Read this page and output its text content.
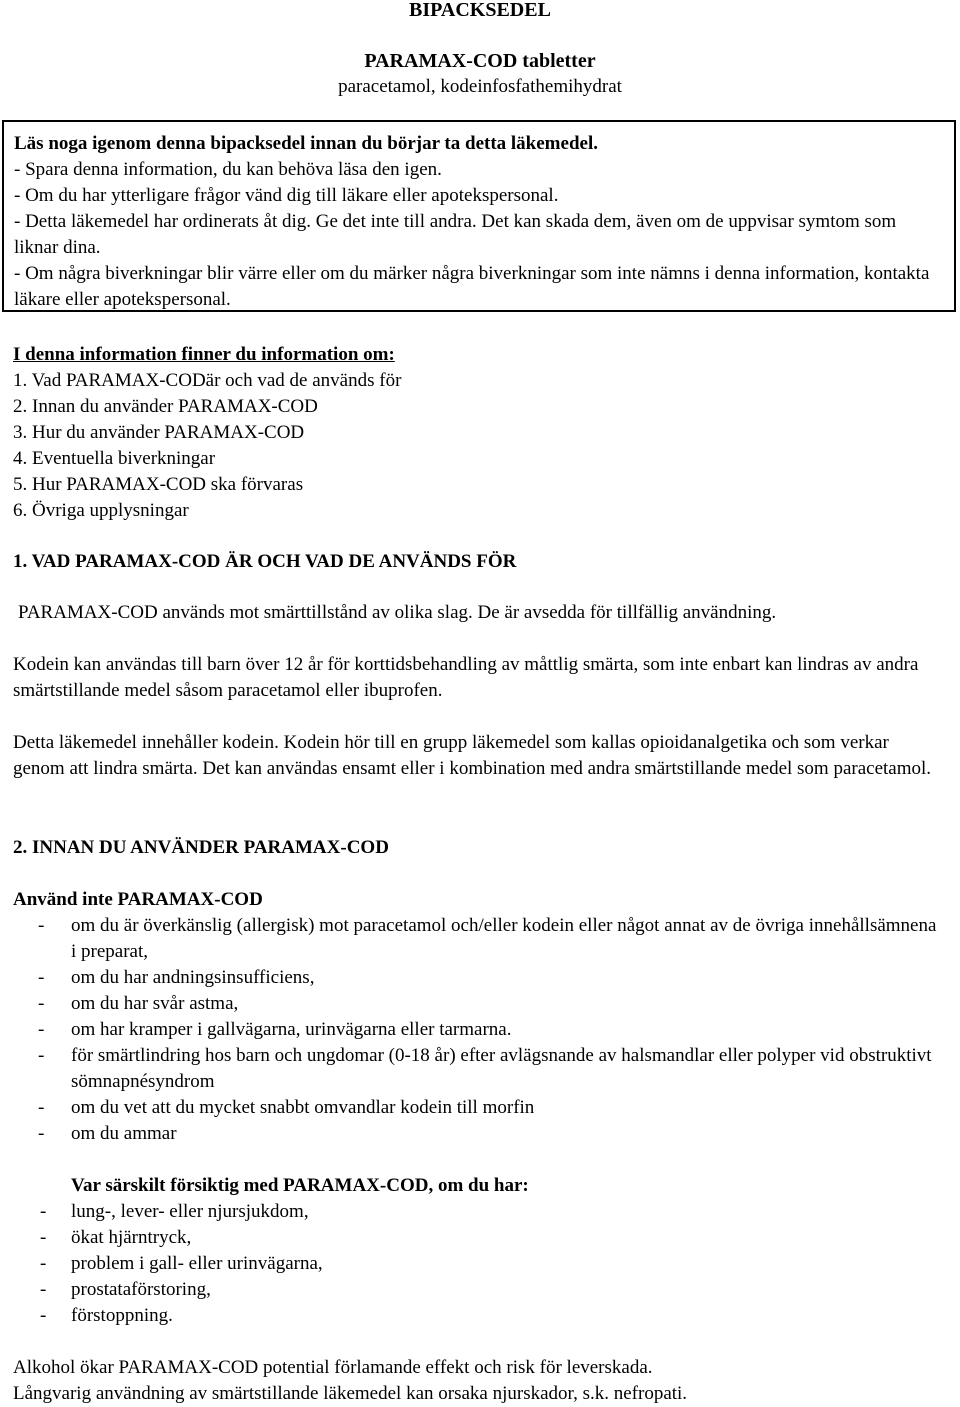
BIPACKSEDEL
PARAMAX-COD tabletter
paracetamol, kodeinfosfathemihydrat

Läs noga igenom denna bipacksedel innan du börjar ta detta läkemedel.

- Spara denna information, du kan behöva läsa den igen.

- Om du har ytterligare frågor vänd dig till läkare eller apotekspersonal.

- Detta läkemedel har ordinerats åt dig. Ge det inte till andra. Det kan skada dem, även om de uppvisar symtom som liknar dina.

- Om några biverkningar blir värre eller om du märker några biverkningar som inte nämns i denna information, kontakta läkare eller apotekspersonal.

I denna information finner du information om:

1. Vad PARAMAX-CODär och vad de används för

2. Innan du använder PARAMAX-COD

3. Hur du använder PARAMAX-COD

4. Eventuella biverkningar

5. Hur PARAMAX-COD ska förvaras

6. Övriga upplysningar

1. VAD PARAMAX-COD ÄR OCH VAD DE ANVÄNDS FÖR

PARAMAX-COD används mot smärttillstånd av olika slag. De är avsedda för tillfällig användning.

Kodein kan användas till barn över 12 år för korttidsbehandling av måttlig smärta, som inte enbart kan lindras av andra smärtstillande medel såsom paracetamol eller ibuprofen.

Detta läkemedel innehåller kodein. Kodein hör till en grupp läkemedel som kallas opioidanalgetika och som verkar genom att lindra smärta. Det kan användas ensamt eller i kombination med andra smärtstillande medel som paracetamol.

2. INNAN DU ANVÄNDER PARAMAX-COD

Använd inte PARAMAX-COD

- om du är överkänslig (allergisk) mot paracetamol och/eller kodein eller något annat av de övriga innehållsämnena i preparat,
- om du har andningsinsufficiens,
- om du har svår astma,
- om har kramper i gallvägarna, urinvägarna eller tarmarna.
- för smärtlindring hos barn och ungdomar (0-18 år) efter avlägsnande av halsmandlar eller polyper vid obstruktivt sömnapnésyndrom
- om du vet att du mycket snabbt omvandlar kodein till morfin
- om du ammar

Var särskilt försiktig med PARAMAX-COD, om du har:

- lung-, lever- eller njursjukdom,
- ökat hjärntryck,
- problem i gall- eller urinvägarna,
- prostataförstoring,
- förstoppning.

Alkohol ökar PARAMAX-COD potential förlamande effekt och risk för leverskada.

Långvarig användning av smärtstillande läkemedel kan orsaka njurskador, s.k. nefropati.
